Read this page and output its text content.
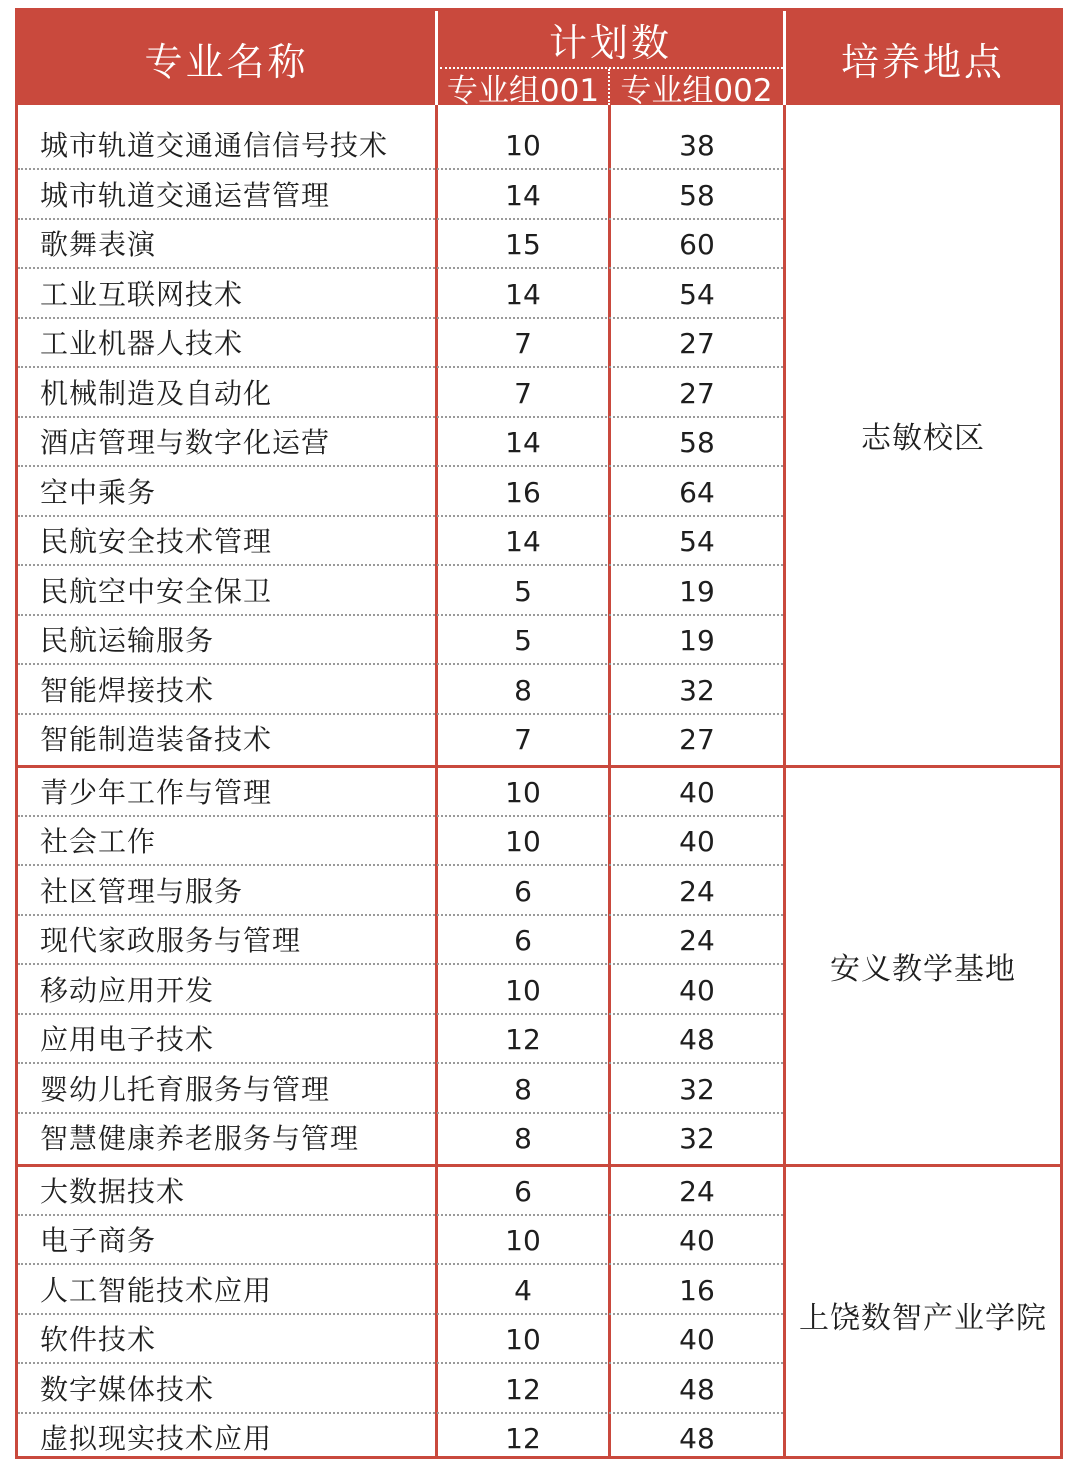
专业名称	计划数
专业组001 专业组002
培养地点
城市轨道交通通信信号技术	10	38
城市轨道交通运营管理	14	58
歌舞表演	15	60
工业互联网技术	14	54
工业机器人技术	7	27
机械制造及自动化	7	27
酒店管理与数字化运营	14	58
空中乘务	16	64
民航安全技术管理	14	54
民航空中安全保卫	5	19
民航运输服务	5	19
智能焊接技术	8	32
智能制造装备技术	7	27
志敏校区
青少年工作与管理	10	40
社会工作	10	40
社区管理与服务	6	24
现代家政服务与管理	6	24
移动应用开发	10	40
应用电子技术	12	48
婴幼儿托育服务与管理	8	32
智慧健康养老服务与管理	8	32
安义教学基地
大数据技术	6	24
电子商务	10	40
人工智能技术应用	4	16
软件技术	10	40
数字媒体技术	12	48
虚拟现实技术应用	12	48
上饶数智产业学院
